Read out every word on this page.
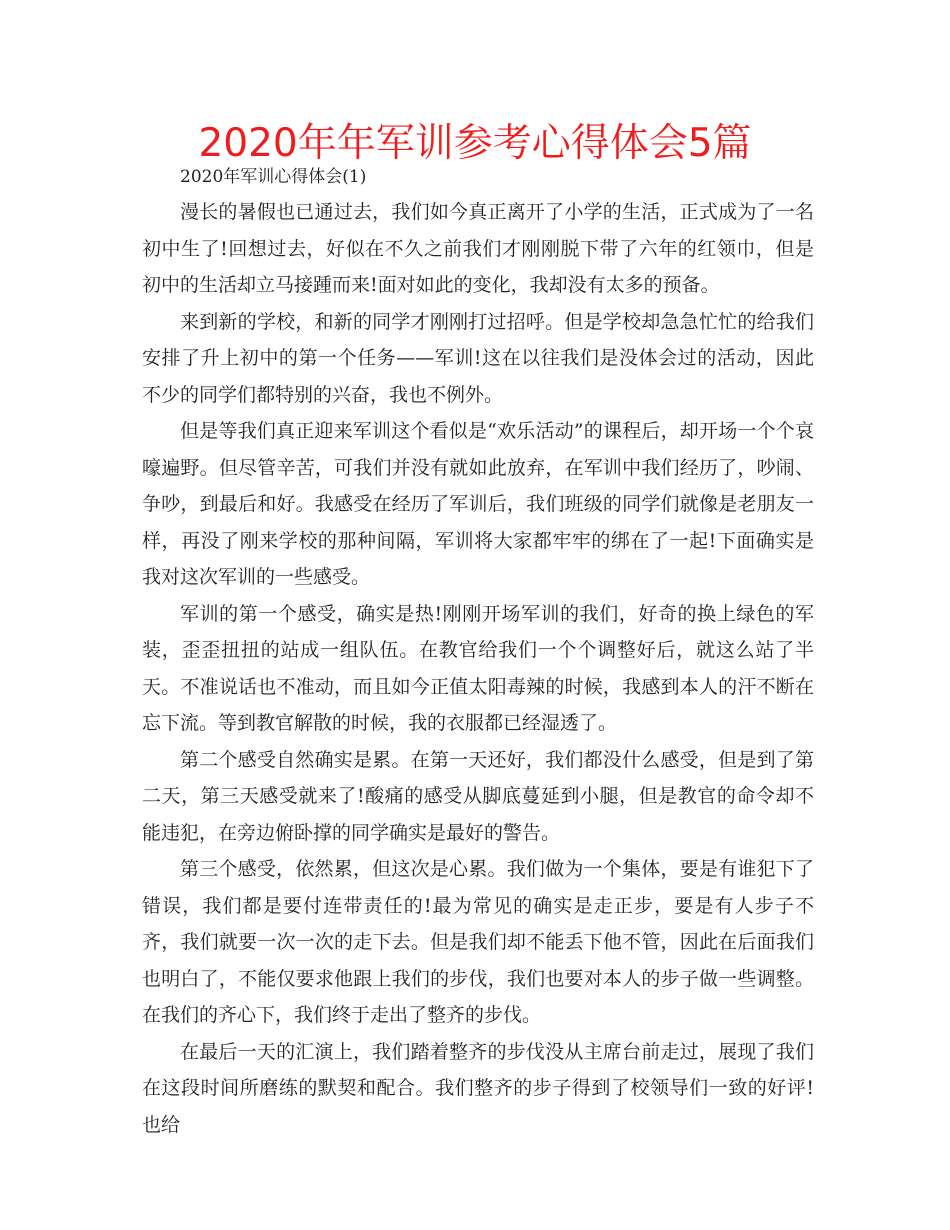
2020年年军训参考心得体会5篇

2020年军训心得体会(1)

漫长的暑假也已通过去，我们如今真正离开了小学的生活，正式成为了一名初中生了!回想过去，好似在不久之前我们才刚刚脱下带了六年的红领巾，但是初中的生活却立马接踵而来!面对如此的变化，我却没有太多的预备。

来到新的学校，和新的同学才刚刚打过招呼。但是学校却急急忙忙的给我们安排了升上初中的第一个任务——军训!这在以往我们是没体会过的活动，因此不少的同学们都特别的兴奋，我也不例外。

但是等我们真正迎来军训这个看似是“欢乐活动”的课程后，却开场一个个哀嚎遍野。但尽管辛苦，可我们并没有就如此放弃，在军训中我们经历了，吵闹、争吵，到最后和好。我感受在经历了军训后，我们班级的同学们就像是老朋友一样，再没了刚来学校的那种间隔，军训将大家都牢牢的绑在了一起!下面确实是我对这次军训的一些感受。

军训的第一个感受，确实是热!刚刚开场军训的我们，好奇的换上绿色的军装，歪歪扭扭的站成一组队伍。在教官给我们一个个调整好后，就这么站了半天。不准说话也不准动，而且如今正值太阳毒辣的时候，我感到本人的汗不断在忘下流。等到教官解散的时候，我的衣服都已经湿透了。

第二个感受自然确实是累。在第一天还好，我们都没什么感受，但是到了第二天，第三天感受就来了!酸痛的感受从脚底蔓延到小腿，但是教官的命令却不能违犯，在旁边俯卧撑的同学确实是最好的警告。

第三个感受，依然累，但这次是心累。我们做为一个集体，要是有谁犯下了错误，我们都是要付连带责任的!最为常见的确实是走正步，要是有人步子不齐，我们就要一次一次的走下去。但是我们却不能丢下他不管，因此在后面我们也明白了，不能仅要求他跟上我们的步伐，我们也要对本人的步子做一些调整。在我们的齐心下，我们终于走出了整齐的步伐。

在最后一天的汇演上，我们踏着整齐的步伐没从主席台前走过，展现了我们在这段时间所磨练的默契和配合。我们整齐的步子得到了校领导们一致的好评!也给
